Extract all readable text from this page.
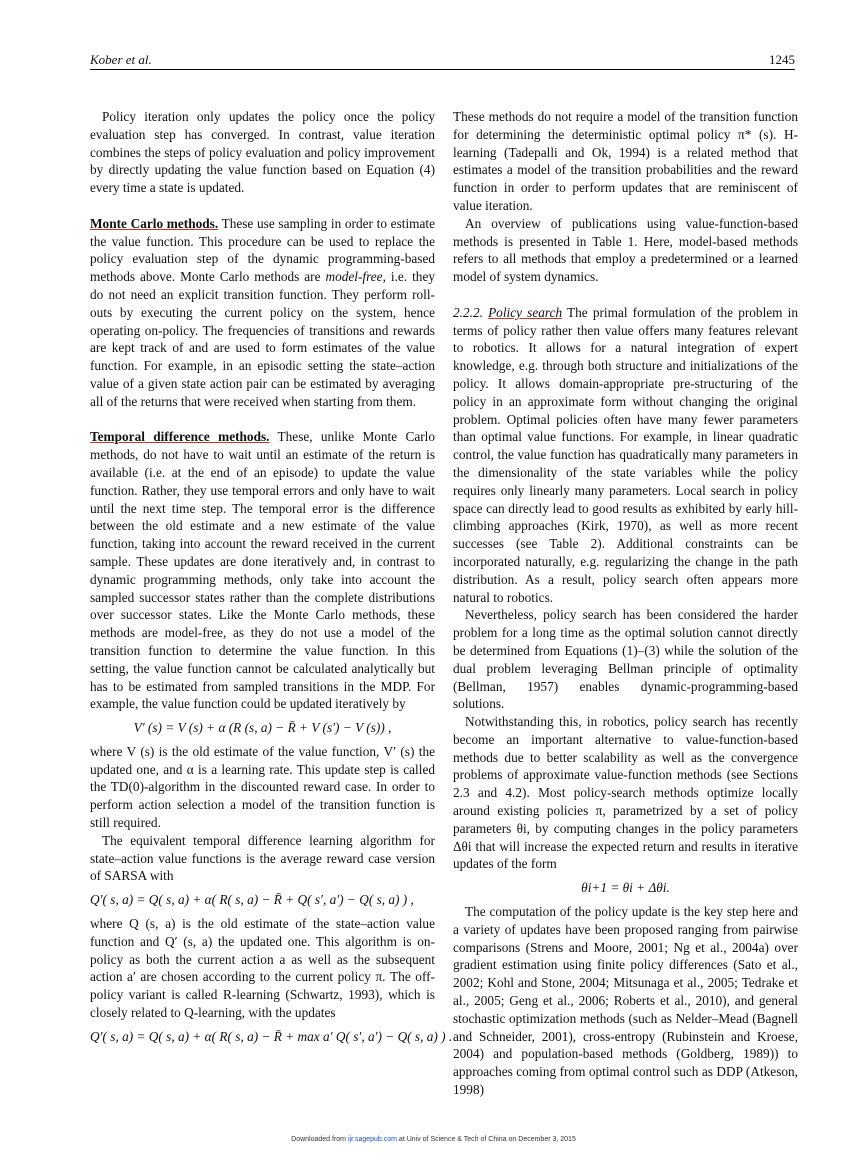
Kober et al.	1245

Policy iteration only updates the policy once the policy evaluation step has converged. In contrast, value iteration combines the steps of policy evaluation and policy improvement by directly updating the value function based on Equation (4) every time a state is updated.

Monte Carlo methods. These use sampling in order to estimate the value function. This procedure can be used to replace the policy evaluation step of the dynamic programming-based methods above. Monte Carlo methods are model-free, i.e. they do not need an explicit transition function. They perform roll-outs by executing the current policy on the system, hence operating on-policy. The frequencies of transitions and rewards are kept track of and are used to form estimates of the value function. For example, in an episodic setting the state–action value of a given state action pair can be estimated by averaging all of the returns that were received when starting from them.

Temporal difference methods. These, unlike Monte Carlo methods, do not have to wait until an estimate of the return is available (i.e. at the end of an episode) to update the value function. Rather, they use temporal errors and only have to wait until the next time step. The temporal error is the difference between the old estimate and a new estimate of the value function, taking into account the reward received in the current sample. These updates are done iteratively and, in contrast to dynamic programming methods, only take into account the sampled successor states rather than the complete distributions over successor states. Like the Monte Carlo methods, these methods are model-free, as they do not use a model of the transition function to determine the value function. In this setting, the value function cannot be calculated analytically but has to be estimated from sampled transitions in the MDP. For example, the value function could be updated iteratively by

V′ (s) = V (s) + α (R (s, a) − R̄ + V (s′) − V (s)) ,

where V (s) is the old estimate of the value function, V′ (s) the updated one, and α is a learning rate. This update step is called the TD(0)-algorithm in the discounted reward case. In order to perform action selection a model of the transition function is still required.

The equivalent temporal difference learning algorithm for state–action value functions is the average reward case version of SARSA with

Q′( s, a) = Q( s, a) + α( R( s, a) − R̄ + Q( s′, a′) − Q( s, a) ) ,

where Q (s, a) is the old estimate of the state–action value function and Q′ (s, a) the updated one. This algorithm is on-policy as both the current action a as well as the subsequent action a′ are chosen according to the current policy π. The off-policy variant is called R-learning (Schwartz, 1993), which is closely related to Q-learning, with the updates

Q′( s, a) = Q( s, a) + α( R( s, a) − R̄ + max a′ Q( s′, a′) − Q( s, a) ) .

These methods do not require a model of the transition function for determining the deterministic optimal policy π* (s). H-learning (Tadepalli and Ok, 1994) is a related method that estimates a model of the transition probabilities and the reward function in order to perform updates that are reminiscent of value iteration.

An overview of publications using value-function-based methods is presented in Table 1. Here, model-based methods refers to all methods that employ a predetermined or a learned model of system dynamics.

2.2.2. Policy search The primal formulation of the problem in terms of policy rather then value offers many features relevant to robotics. It allows for a natural integration of expert knowledge, e.g. through both structure and initializations of the policy. It allows domain-appropriate pre-structuring of the policy in an approximate form without changing the original problem. Optimal policies often have many fewer parameters than optimal value functions. For example, in linear quadratic control, the value function has quadratically many parameters in the dimensionality of the state variables while the policy requires only linearly many parameters. Local search in policy space can directly lead to good results as exhibited by early hill-climbing approaches (Kirk, 1970), as well as more recent successes (see Table 2). Additional constraints can be incorporated naturally, e.g. regularizing the change in the path distribution. As a result, policy search often appears more natural to robotics.

Nevertheless, policy search has been considered the harder problem for a long time as the optimal solution cannot directly be determined from Equations (1)–(3) while the solution of the dual problem leveraging Bellman principle of optimality (Bellman, 1957) enables dynamic-programming-based solutions.

Notwithstanding this, in robotics, policy search has recently become an important alternative to value-function-based methods due to better scalability as well as the convergence problems of approximate value-function methods (see Sections 2.3 and 4.2). Most policy-search methods optimize locally around existing policies π, parametrized by a set of policy parameters θi, by computing changes in the policy parameters Δθi that will increase the expected return and results in iterative updates of the form

θi+1 = θi + Δθi.

The computation of the policy update is the key step here and a variety of updates have been proposed ranging from pairwise comparisons (Strens and Moore, 2001; Ng et al., 2004a) over gradient estimation using finite policy differences (Sato et al., 2002; Kohl and Stone, 2004; Mitsunaga et al., 2005; Tedrake et al., 2005; Geng et al., 2006; Roberts et al., 2010), and general stochastic optimization methods (such as Nelder–Mead (Bagnell and Schneider, 2001), cross-entropy (Rubinstein and Kroese, 2004) and population-based methods (Goldberg, 1989)) to approaches coming from optimal control such as DDP (Atkeson, 1998)

Downloaded from ijr.sagepub.com at Univ of Science & Tech of China on December 3, 2015
